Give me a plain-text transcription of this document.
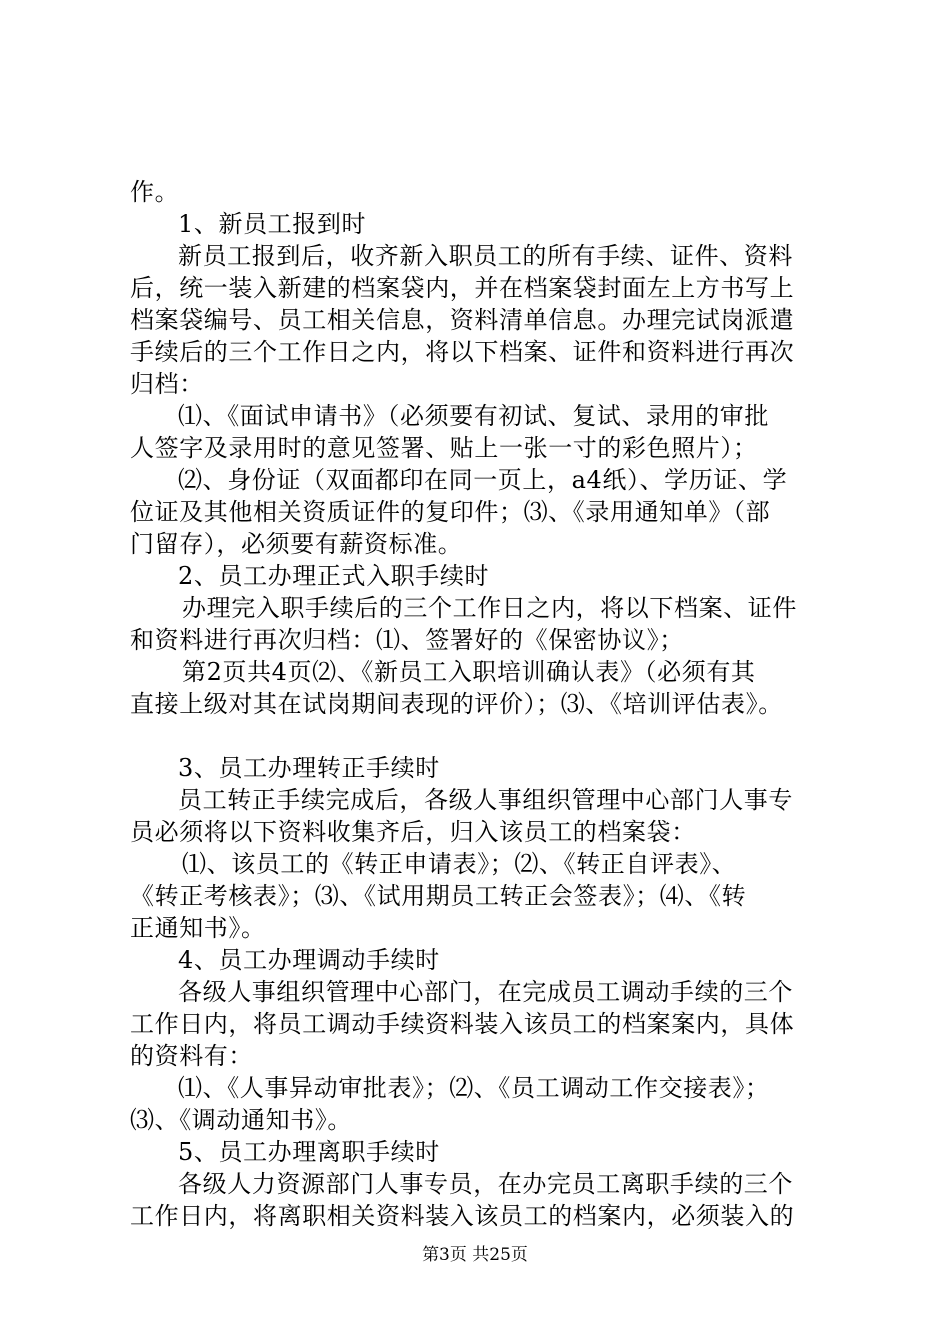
作。
1、新员工报到时
新员工报到后，收齐新入职员工的所有手续、证件、资料
后，统一装入新建的档案袋内，并在档案袋封面左上方书写上
档案袋编号、员工相关信息，资料清单信息。办理完试岗派遣
手续后的三个工作日之内，将以下档案、证件和资料进行再次
归档：
⑴、《面试申请书》（必须要有初试、复试、录用的审批
人签字及录用时的意见签署、贴上一张一寸的彩色照片）；
⑵、身份证（双面都印在同一页上，a4纸）、学历证、学
位证及其他相关资质证件的复印件；⑶、《录用通知单》（部
门留存），必须要有薪资标准。
2、员工办理正式入职手续时
办理完入职手续后的三个工作日之内，将以下档案、证件
和资料进行再次归档：⑴、签署好的《保密协议》；
第2页共4页⑵、《新员工入职培训确认表》（必须有其
直接上级对其在试岗期间表现的评价）；⑶、《培训评估表》。
3、员工办理转正手续时
员工转正手续完成后，各级人事组织管理中心部门人事专
员必须将以下资料收集齐后，归入该员工的档案袋：
⑴、该员工的《转正申请表》；⑵、《转正自评表》、
《转正考核表》；⑶、《试用期员工转正会签表》；⑷、《转
正通知书》。
4、员工办理调动手续时
各级人事组织管理中心部门，在完成员工调动手续的三个
工作日内，将员工调动手续资料装入该员工的档案案内，具体
的资料有：
⑴、《人事异动审批表》；⑵、《员工调动工作交接表》；
⑶、《调动通知书》。
5、员工办理离职手续时
各级人力资源部门人事专员，在办完员工离职手续的三个
工作日内，将离职相关资料装入该员工的档案内，必须装入的
第3页 共25页
